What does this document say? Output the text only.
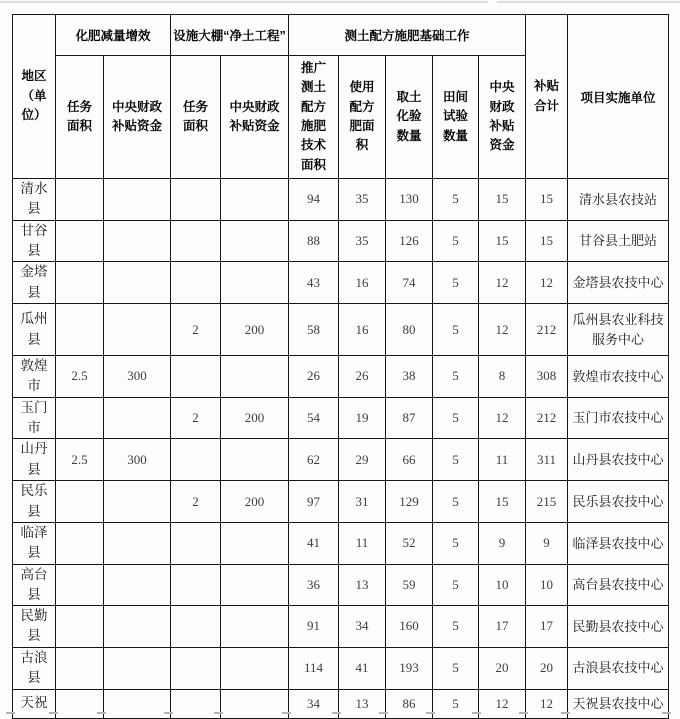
地区（单位）	化肥减量增效		设施大棚“净土工程”		测土配方施肥基础工作					补贴合计	项目实施单位
	任务面积	中央财政补贴资金	任务面积	中央财政补贴资金	推广测土配方施肥技术面积	使用配方肥面积	取土化验数量	田间试验数量	中央财政补贴资金		
清水县					94	35	130	5	15	15	清水县农技站
甘谷县					88	35	126	5	15	15	甘谷县土肥站
金塔县					43	16	74	5	12	12	金塔县农技中心
瓜州县			2	200	58	16	80	5	12	212	瓜州县农业科技服务中心
敦煌市	2.5	300			26	26	38	5	8	308	敦煌市农技中心
玉门市			2	200	54	19	87	5	12	212	玉门市农技中心
山丹县	2.5	300			62	29	66	5	11	311	山丹县农技中心
民乐县			2	200	97	31	129	5	15	215	民乐县农技中心
临泽县					41	11	52	5	9	9	临泽县农技中心
高台县					36	13	59	5	10	10	高台县农技中心
民勤县					91	34	160	5	17	17	民勤县农技中心
古浪县					114	41	193	5	20	20	古浪县农技中心
天祝					34	13	86	5	12	12	天祝县农技中心
